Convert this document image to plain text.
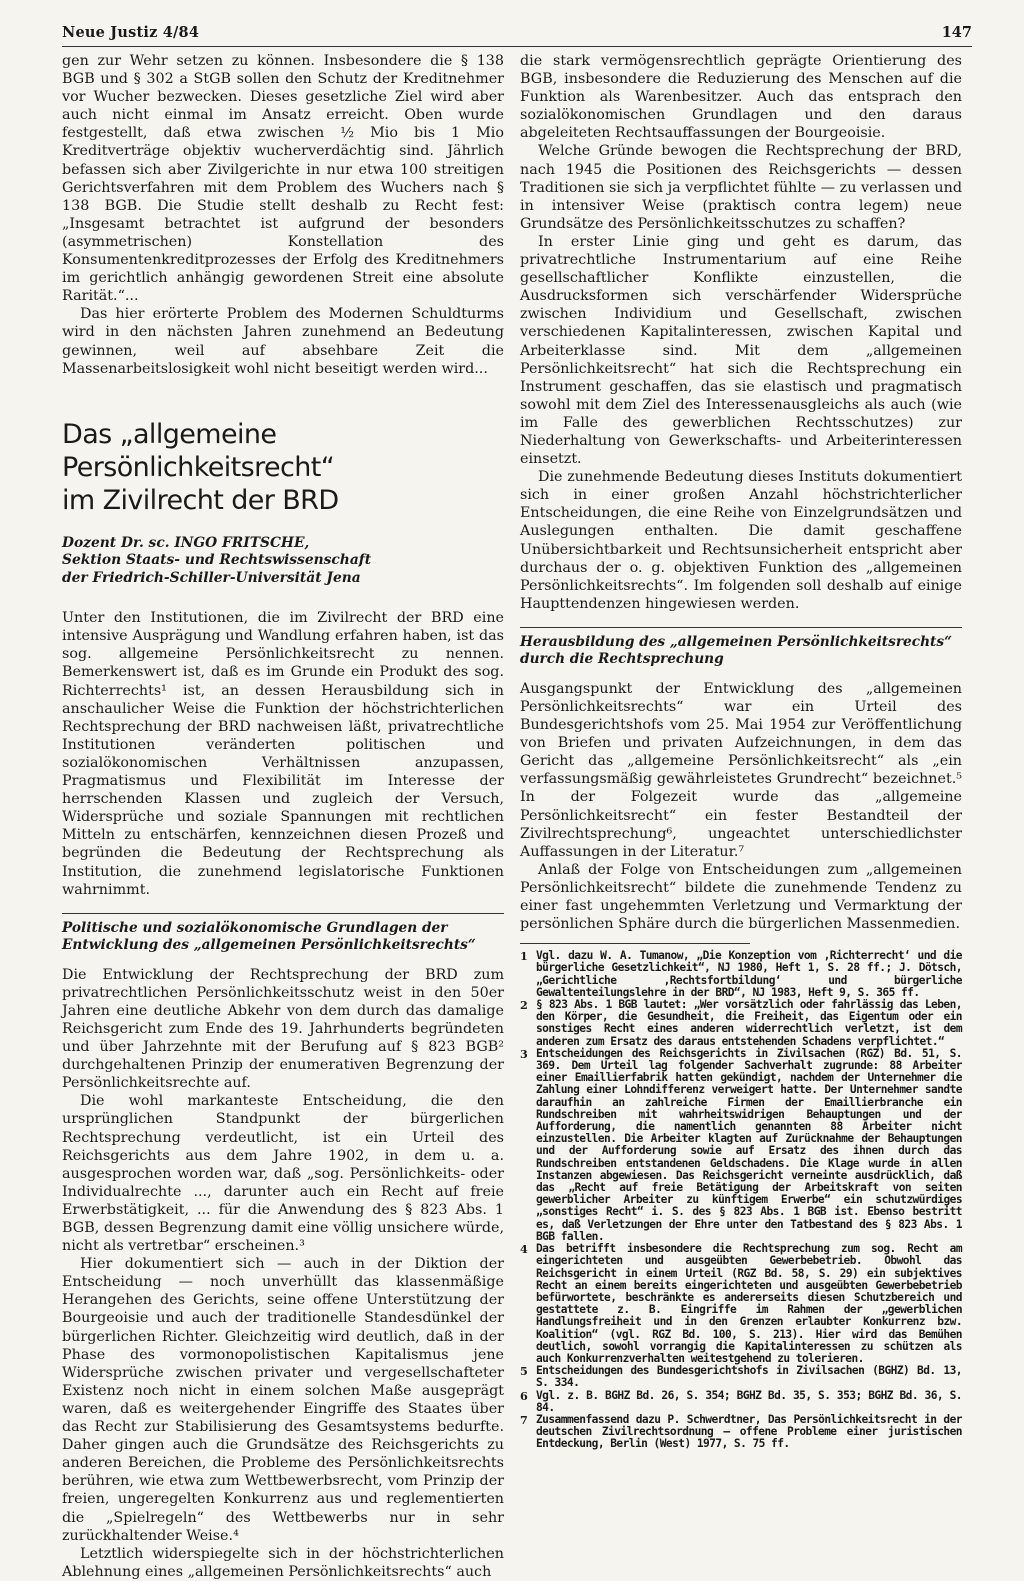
Neue Justiz 4/84	147

gen zur Wehr setzen zu können. Insbesondere die § 138 BGB und § 302 a StGB sollen den Schutz der Kreditnehmer vor Wucher bezwecken. Dieses gesetzliche Ziel wird aber auch nicht einmal im Ansatz erreicht. Oben wurde festgestellt, daß etwa zwischen ½ Mio bis 1 Mio Kreditverträge objektiv wucherverdächtig sind. Jährlich befassen sich aber Zivilgerichte in nur etwa 100 streitigen Gerichtsverfahren mit dem Problem des Wuchers nach § 138 BGB. Die Studie stellt deshalb zu Recht fest: „Insgesamt betrachtet ist aufgrund der besonders (asymmetrischen) Konstellation des Konsumentenkreditprozesses der Erfolg des Kreditnehmers im gerichtlich anhängig gewordenen Streit eine absolute Rarität.“...

Das hier erörterte Problem des Modernen Schuldturms wird in den nächsten Jahren zunehmend an Bedeutung gewinnen, weil auf absehbare Zeit die Massenarbeitslosigkeit wohl nicht beseitigt werden wird...

Das „allgemeine Persönlichkeitsrecht“
im Zivilrecht der BRD
Dozent Dr. sc. INGO FRITSCHE,
Sektion Staats- und Rechtswissenschaft
der Friedrich-Schiller-Universität Jena

Unter den Institutionen, die im Zivilrecht der BRD eine intensive Ausprägung und Wandlung erfahren haben, ist das sog. allgemeine Persönlichkeitsrecht zu nennen. Bemerkenswert ist, daß es im Grunde ein Produkt des sog. Richterrechts¹ ist, an dessen Herausbildung sich in anschaulicher Weise die Funktion der höchstrichterlichen Rechtsprechung der BRD nachweisen läßt, privatrechtliche Institutionen veränderten politischen und sozialökonomischen Verhältnissen anzupassen, Pragmatismus und Flexibilität im Interesse der herrschenden Klassen und zugleich der Versuch, Widersprüche und soziale Spannungen mit rechtlichen Mitteln zu entschärfen, kennzeichnen diesen Prozeß und begründen die Bedeutung der Rechtsprechung als Institution, die zunehmend legislatorische Funktionen wahrnimmt.

Politische und sozialökonomische Grundlagen der Entwicklung des „allgemeinen Persönlichkeitsrechts“

Die Entwicklung der Rechtsprechung der BRD zum privatrechtlichen Persönlichkeitsschutz weist in den 50er Jahren eine deutliche Abkehr von dem durch das damalige Reichsgericht zum Ende des 19. Jahrhunderts begründeten und über Jahrzehnte mit der Berufung auf § 823 BGB² durchgehaltenen Prinzip der enumerativen Begrenzung der Persönlichkeitsrechte auf.

Die wohl markanteste Entscheidung, die den ursprünglichen Standpunkt der bürgerlichen Rechtsprechung verdeutlicht, ist ein Urteil des Reichsgerichts aus dem Jahre 1902, in dem u. a. ausgesprochen worden war, daß „sog. Persönlichkeits- oder Individualrechte ..., darunter auch ein Recht auf freie Erwerbstätigkeit, ... für die Anwendung des § 823 Abs. 1 BGB, dessen Begrenzung damit eine völlig unsichere würde, nicht als vertretbar“ erscheinen.³

Hier dokumentiert sich — auch in der Diktion der Entscheidung — noch unverhüllt das klassenmäßige Herangehen des Gerichts, seine offene Unterstützung der Bourgeoisie und auch der traditionelle Standesdünkel der bürgerlichen Richter. Gleichzeitig wird deutlich, daß in der Phase des vormonopolistischen Kapitalismus jene Widersprüche zwischen privater und vergesellschafteter Existenz noch nicht in einem solchen Maße ausgeprägt waren, daß es weitergehender Eingriffe des Staates über das Recht zur Stabilisierung des Gesamtsystems bedurfte. Daher gingen auch die Grundsätze des Reichsgerichts zu anderen Bereichen, die Probleme des Persönlichkeitsrechts berühren, wie etwa zum Wettbewerbsrecht, vom Prinzip der freien, ungeregelten Konkurrenz aus und reglementierten die „Spielregeln“ des Wettbewerbs nur in sehr zurückhaltender Weise.⁴

Letztlich widerspiegelte sich in der höchstrichterlichen Ablehnung eines „allgemeinen Persönlichkeitsrechts“ auch

die stark vermögensrechtlich geprägte Orientierung des BGB, insbesondere die Reduzierung des Menschen auf die Funktion als Warenbesitzer. Auch das entsprach den sozialökonomischen Grundlagen und den daraus abgeleiteten Rechtsauffassungen der Bourgeoisie.

Welche Gründe bewogen die Rechtsprechung der BRD, nach 1945 die Positionen des Reichsgerichts — dessen Traditionen sie sich ja verpflichtet fühlte — zu verlassen und in intensiver Weise (praktisch contra legem) neue Grundsätze des Persönlichkeitsschutzes zu schaffen?

In erster Linie ging und geht es darum, das privatrechtliche Instrumentarium auf eine Reihe gesellschaftlicher Konflikte einzustellen, die Ausdrucksformen sich verschärfender Widersprüche zwischen Individium und Gesellschaft, zwischen verschiedenen Kapitalinteressen, zwischen Kapital und Arbeiterklasse sind. Mit dem „allgemeinen Persönlichkeitsrecht“ hat sich die Rechtsprechung ein Instrument geschaffen, das sie elastisch und pragmatisch sowohl mit dem Ziel des Interessenausgleichs als auch (wie im Falle des gewerblichen Rechtsschutzes) zur Niederhaltung von Gewerkschafts- und Arbeiterinteressen einsetzt.

Die zunehmende Bedeutung dieses Instituts dokumentiert sich in einer großen Anzahl höchstrichterlicher Entscheidungen, die eine Reihe von Einzelgrundsätzen und Auslegungen enthalten. Die damit geschaffene Unübersichtbarkeit und Rechtsunsicherheit entspricht aber durchaus der o. g. objektiven Funktion des „allgemeinen Persönlichkeitsrechts“. Im folgenden soll deshalb auf einige Haupttendenzen hingewiesen werden.

Herausbildung des „allgemeinen Persönlichkeitsrechts“ durch die Rechtsprechung

Ausgangspunkt der Entwicklung des „allgemeinen Persönlichkeitsrechts“ war ein Urteil des Bundesgerichtshofs vom 25. Mai 1954 zur Veröffentlichung von Briefen und privaten Aufzeichnungen, in dem das Gericht das „allgemeine Persönlichkeitsrecht“ als „ein verfassungsmäßig gewährleistetes Grundrecht“ bezeichnet.⁵ In der Folgezeit wurde das „allgemeine Persönlichkeitsrecht“ ein fester Bestandteil der Zivilrechtsprechung⁶, ungeachtet unterschiedlichster Auffassungen in der Literatur.⁷

Anlaß der Folge von Entscheidungen zum „allgemeinen Persönlichkeitsrecht“ bildete die zunehmende Tendenz zu einer fast ungehemmten Verletzung und Vermarktung der persönlichen Sphäre durch die bürgerlichen Massenmedien.

1 Vgl. dazu W. A. Tumanow, „Die Konzeption vom ‚Richterrecht‘ und die bürgerliche Gesetzlichkeit“, NJ 1980, Heft 1, S. 28 ff.; J. Dötsch, „Gerichtliche ‚Rechtsfortbildung‘ und bürgerliche Gewaltenteilungslehre in der BRD“, NJ 1983, Heft 9, S. 365 ff.
2 § 823 Abs. 1 BGB lautet: „Wer vorsätzlich oder fahrlässig das Leben, den Körper, die Gesundheit, die Freiheit, das Eigentum oder ein sonstiges Recht eines anderen widerrechtlich verletzt, ist dem anderen zum Ersatz des daraus entstehenden Schadens verpflichtet.“
3 Entscheidungen des Reichsgerichts in Zivilsachen (RGZ) Bd. 51, S. 369. Dem Urteil lag folgender Sachverhalt zugrunde: 88 Arbeiter einer Emaillierfabrik hatten gekündigt, nachdem der Unternehmer die Zahlung einer Lohndifferenz verweigert hatte. Der Unternehmer sandte daraufhin an zahlreiche Firmen der Emaillierbranche ein Rundschreiben mit wahrheitswidrigen Behauptungen und der Aufforderung, die namentlich genannten 88 Arbeiter nicht einzustellen. Die Arbeiter klagten auf Zurücknahme der Behauptungen und der Aufforderung sowie auf Ersatz des ihnen durch das Rundschreiben entstandenen Geldschadens. Die Klage wurde in allen Instanzen abgewiesen. Das Reichsgericht verneinte ausdrücklich, daß das „Recht auf freie Betätigung der Arbeitskraft von seiten gewerblicher Arbeiter zu künftigem Erwerbe“ ein schutzwürdiges „sonstiges Recht“ i. S. des § 823 Abs. 1 BGB ist. Ebenso bestritt es, daß Verletzungen der Ehre unter den Tatbestand des § 823 Abs. 1 BGB fallen.
4 Das betrifft insbesondere die Rechtsprechung zum sog. Recht am eingerichteten und ausgeübten Gewerbebetrieb. Obwohl das Reichsgericht in einem Urteil (RGZ Bd. 58, S. 29) ein subjektives Recht an einem bereits eingerichteten und ausgeübten Gewerbebetrieb befürwortete, beschränkte es andererseits diesen Schutzbereich und gestattete z. B. Eingriffe im Rahmen der „gewerblichen Handlungsfreiheit und in den Grenzen erlaubter Konkurrenz bzw. Koalition“ (vgl. RGZ Bd. 100, S. 213). Hier wird das Bemühen deutlich, sowohl vorrangig die Kapitalinteressen zu schützen als auch Konkurrenzverhalten weitestgehend zu tolerieren.
5 Entscheidungen des Bundesgerichtshofs in Zivilsachen (BGHZ) Bd. 13, S. 334.
6 Vgl. z. B. BGHZ Bd. 26, S. 354; BGHZ Bd. 35, S. 353; BGHZ Bd. 36, S. 84.
7 Zusammenfassend dazu P. Schwerdtner, Das Persönlichkeitsrecht in der deutschen Zivilrechtsordnung — offene Probleme einer juristischen Entdeckung, Berlin (West) 1977, S. 75 ff.
